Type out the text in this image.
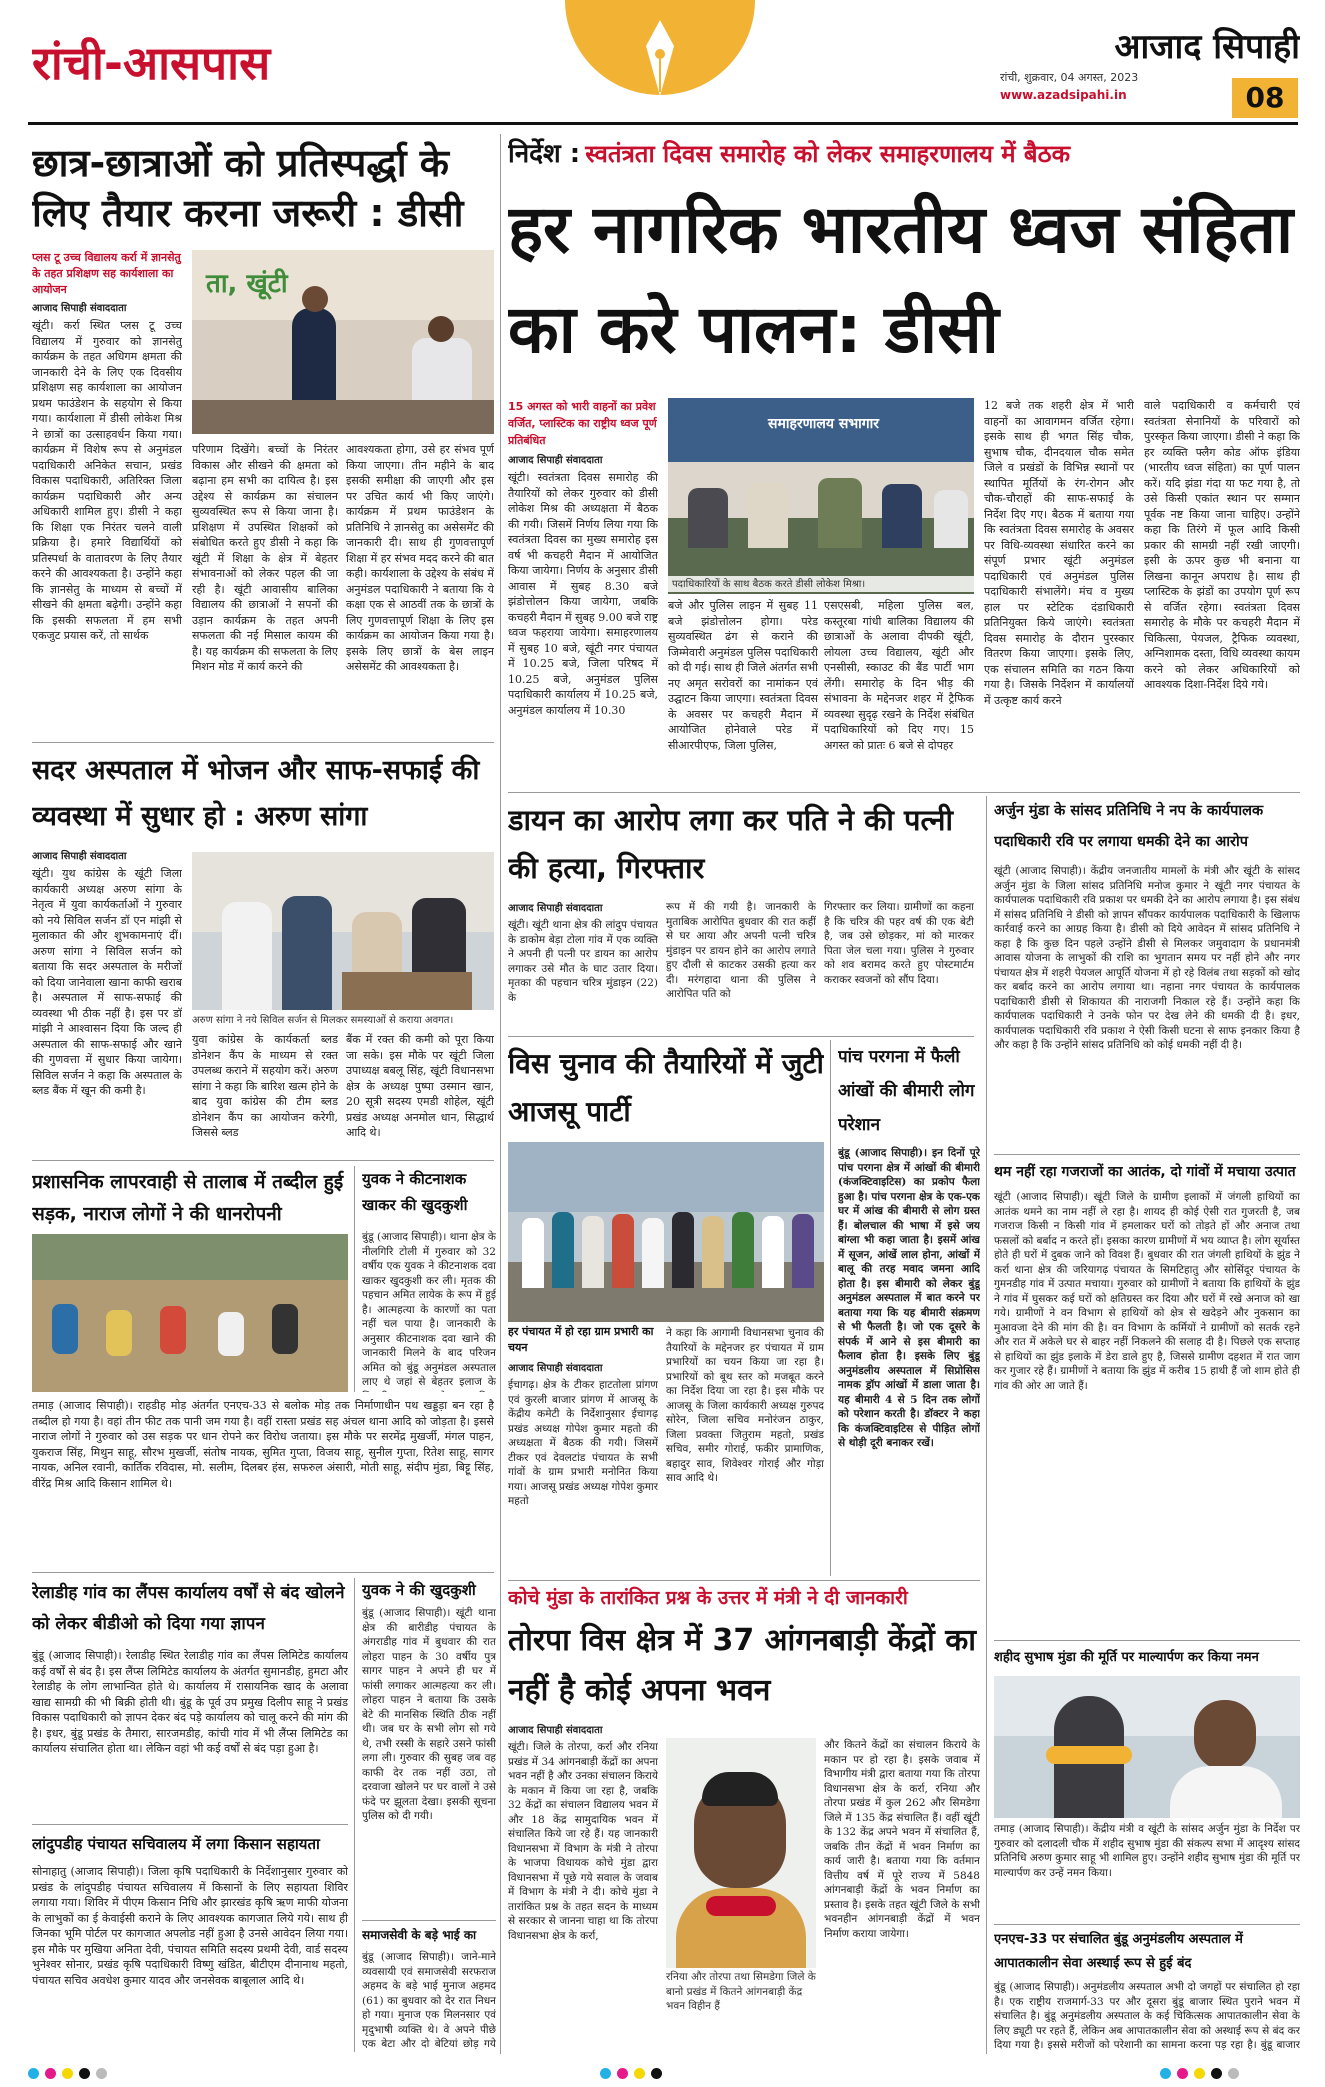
रांची-आसपास	आजाद सिपाही
रांची, शुक्रवार, 04 अगस्त, 2023
www.azadsipahi.in	08
छात्र-छात्राओं को प्रतिस्पर्द्धा के लिए तैयार करना जरूरी : डीसी
प्लस टू उच्च विद्यालय कर्रा में ज्ञानसेतु के तहत प्रशिक्षण सह कार्यशाला का आयोजन
आजाद सिपाही संवाददाता
खूंटी। कर्रा स्थित प्लस टू उच्च विद्यालय में गुरुवार को ज्ञानसेतु कार्यक्रम के तहत अधिगम क्षमता की जानकारी देने के लिए एक दिवसीय प्रशिक्षण सह कार्यशाला का आयोजन प्रथम फाउंडेशन के सहयोग से किया गया। कार्यशाला में डीसी लोकेश मिश्र ने छात्रों का उत्साहवर्धन किया गया। कार्यक्रम में विशेष रूप से अनुमंडल पदाधिकारी अनिकेत सचान, प्रखंड विकास पदाधिकारी, अतिरिक्त जिला कार्यक्रम पदाधिकारी और अन्य अधिकारी शामिल हुए। डीसी ने कहा कि शिक्षा एक निरंतर चलने वाली प्रक्रिया है। हमारे विद्यार्थियों को प्रतिस्पर्धा के वातावरण के लिए तैयार करने की आवश्यकता है। उन्होंने कहा कि ज्ञानसेतु के माध्यम से बच्चों में सीखने की क्षमता बढ़ेगी। उन्होंने कहा कि इसकी सफलता में हम सभी एकजुट प्रयास करें, तो सार्थक
ता, खूंटी
परिणाम दिखेंगे। बच्चों के निरंतर विकास और सीखने की क्षमता को बढ़ाना हम सभी का दायित्व है। इस उद्देश्य से कार्यक्रम का संचालन सुव्यवस्थित रूप से किया जाना है। प्रशिक्षण में उपस्थित शिक्षकों को संबोधित करते हुए डीसी ने कहा कि खूंटी में शिक्षा के क्षेत्र में बेहतर संभावनाओं को लेकर पहल की जा रही है। खूंटी आवासीय बालिका विद्यालय की छात्राओं ने सपनों की उड़ान कार्यक्रम के तहत अपनी सफलता की नई मिसाल कायम की है। यह कार्यक्रम की सफलता के लिए मिशन मोड में कार्य करने की
आवश्यकता होगा, उसे हर संभव पूर्ण किया जाएगा। तीन महीने के बाद इसकी समीक्षा की जाएगी और इस पर उचित कार्य भी किए जाएंगे। कार्यक्रम में प्रथम फाउंडेशन के प्रतिनिधि ने ज्ञानसेतु का असेसमेंट की जानकारी दी। साथ ही गुणवत्तापूर्ण शिक्षा में हर संभव मदद करने की बात कही। कार्यशाला के उद्देश्य के संबंध में अनुमंडल पदाधिकारी ने बताया कि ये कक्षा एक से आठवीं तक के छात्रों के लिए गुणवत्तापूर्ण शिक्षा के लिए इस कार्यक्रम का आयोजन किया गया है। इसके लिए छात्रों के बेस लाइन असेसमेंट की आवश्यकता है।
सदर अस्पताल में भोजन और साफ-सफाई की व्यवस्था में सुधार हो : अरुण सांगा
आजाद सिपाही संवाददाता
खूंटी। युथ कांग्रेस के खूंटी जिला कार्यकारी अध्यक्ष अरुण सांगा के नेतृत्व में युवा कार्यकर्ताओं ने गुरुवार को नये सिविल सर्जन डॉ एन मांझी से मुलाकात की और शुभकामनाएं दीं। अरुण सांगा ने सिविल सर्जन को बताया कि सदर अस्पताल के मरीजों को दिया जानेवाला खाना काफी खराब है। अस्पताल में साफ-सफाई की व्यवस्था भी ठीक नहीं है। इस पर डॉ मांझी ने आश्वासन दिया कि जल्द ही अस्पताल की साफ-सफाई और खाने की गुणवत्ता में सुधार किया जायेगा। सिविल सर्जन ने कहा कि अस्पताल के ब्लड बैंक में खून की कमी है।
अरुण सांगा ने नये सिविल सर्जन से मिलकर समस्याओं से कराया अवगत।
युवा कांग्रेस के कार्यकर्ता ब्लड डोनेशन कैंप के माध्यम से रक्त उपलब्ध कराने में सहयोग करें। अरुण सांगा ने कहा कि बारिश खत्म होने के बाद युवा कांग्रेस की टीम ब्लड डोनेशन कैंप का आयोजन करेगी, जिससे ब्लड
बैंक में रक्त की कमी को पूरा किया जा सके। इस मौके पर खूंटी जिला उपाध्यक्ष बबलू सिंह, खूंटी विधानसभा क्षेत्र के अध्यक्ष पुष्पा उस्मान खान, 20 सूत्री सदस्य एमडी शोहेल, खूंटी प्रखंड अध्यक्ष अनमोल धान, सिद्धार्थ आदि थे।
प्रशासनिक लापरवाही से तालाब में तब्दील हुई सड़क, नाराज लोगों ने की धानरोपनी
तमाड़ (आजाद सिपाही)। राहडीह मोड़ अंतर्गत एनएच-33 से बलोक मोड़ तक निर्माणाधीन पथ खड्डड़ा बन रहा है तब्दील हो गया है। वहां तीन फीट तक पानी जम गया है। वहीं रास्ता प्रखंड सह अंचल थाना आदि को जोड़ता है। इससे नाराज लोगों ने गुरुवार को उस सड़क पर धान रोपने कर विरोध जताया। इस मौके पर सरमेंद्र मुखर्जी, मंगल पाहन, युकराज सिंह, मिथुन साहू, सौरभ मुखर्जी, संतोष नायक, सुमित गुप्ता, विजय साहू, सुनील गुप्ता, रितेश साहू, सागर नायक, अनिल रवानी, कार्तिक रविदास, मो. सलीम, दिलबर हंस, सफरुल अंसारी, मोती साहू, संदीप मुंडा, बिट्टू सिंह, वीरेंद्र मिश्र आदि किसान शामिल थे।
युवक ने कीटनाशक खाकर की खुदकुशी
बुंडू (आजाद सिपाही)। थाना क्षेत्र के नीलगिरि टोली में गुरुवार को 32 वर्षीय एक युवक ने कीटनाशक दवा खाकर खुदकुशी कर ली। मृतक की पहचान अमित लायेक के रूप में हुई है। आत्महत्या के कारणों का पता नहीं चल पाया है। जानकारी के अनुसार कीटनाशक दवा खाने की जानकारी मिलने के बाद परिजन अमित को बुंडू अनुमंडल अस्पताल लाए थे जहां से बेहतर इलाज के
रेलाडीह गांव का लैंपस कार्यालय वर्षों से बंद खोलने को लेकर बीडीओ को दिया गया ज्ञापन
बुंडू (आजाद सिपाही)। रेलाडीह स्थित रेलाडीह गांव का लैंपस लिमिटेड कार्यालय कई वर्षों से बंद है। इस लैंप्स लिमिटेड कार्यालय के अंतर्गत सुमानडीह, हुमटा और रेलाडीह के लोग लाभान्वित होते थे। कार्यालय में रासायनिक खाद के अलावा खाद्य सामग्री की भी बिक्री होती थी। बुंडू के पूर्व उप प्रमुख दिलीप साहू ने प्रखंड विकास पदाधिकारी को ज्ञापन देकर बंद पड़े कार्यालय को चालू करने की मांग की है। इधर, बुंडू प्रखंड के तैमारा, सारजमडीह, कांची गांव में भी लैंप्स लिमिटेड का कार्यालय संचालित होता था। लेकिन वहां भी कई वर्षों से बंद पड़ा हुआ है।
लांदुपडीह पंचायत सचिवालय में लगा किसान सहायता
सोनाहातु (आजाद सिपाही)। जिला कृषि पदाधिकारी के निर्देशानुसार गुरुवार को प्रखंड के लांदुपडीह पंचायत सचिवालय में किसानों के लिए सहायता शिविर लगाया गया। शिविर में पीएम किसान निधि और झारखंड कृषि ऋण माफी योजना के लाभुकों का ई केवाईसी कराने के लिए आवश्यक कागजात लिये गये। साथ ही जिनका भूमि पोर्टल पर कागजात अपलोड नहीं हुआ है उनसे आवेदन लिया गया। इस मौके पर मुखिया अनिता देवी, पंचायत समिति सदस्य प्रथमी देवी, वार्ड सदस्य भुनेश्वर सोनार, प्रखंड कृषि पदाधिकारी विष्णु खंडित, बीटीएम दीनानाथ महतो, पंचायत सचिव अवधेश कुमार यादव और जनसेवक बाबूलाल आदि थे।
युवक ने की खुदकुशी
बुंडू (आजाद सिपाही)। खूंटी थाना क्षेत्र की बारीडीह पंचायत के अंगराडीह गांव में बुधवार की रात लोहरा पाहन के 30 वर्षीय पुत्र सागर पाहन ने अपने ही घर में फांसी लगाकर आत्महत्या कर ली। लोहरा पाहन ने बताया कि उसके बेटे की मानसिक स्थिति ठीक नहीं थी। जब घर के सभी लोग सो गये थे, तभी रस्सी के सहारे उसने फांसी लगा ली। गुरुवार की सुबह जब वह काफी देर तक नहीं उठा, तो दरवाजा खोलने पर घर वालों ने उसे फंदे पर झूलता देखा। इसकी सूचना पुलिस को दी गयी।
समाजसेवी के बड़े भाई का
बुंडू (आजाद सिपाही)। जाने-माने व्यवसायी एवं समाजसेवी सरफराज अहमद के बड़े भाई मुनाज अहमद (61) का बुधवार को देर रात निधन हो गया। मुनाज एक मिलनसार एवं मृदुभाषी व्यक्ति थे। वे अपने पीछे एक बेटा और दो बेटियां छोड़ गये
निर्देश : स्वतंत्रता दिवस समारोह को लेकर समाहरणालय में बैठक
हर नागरिक भारतीय ध्वज संहिता का करे पालन: डीसी
15 अगस्त को भारी वाहनों का प्रवेश वर्जित, प्लास्टिक का राष्ट्रीय ध्वज पूर्ण प्रतिबंधित
आजाद सिपाही संवाददाता
खूंटी। स्वतंत्रता दिवस समारोह की तैयारियों को लेकर गुरुवार को डीसी लोकेश मिश्र की अध्यक्षता में बैठक की गयी। जिसमें निर्णय लिया गया कि स्वतंत्रता दिवस का मुख्य समारोह इस वर्ष भी कचहरी मैदान में आयोजित किया जायेगा। निर्णय के अनुसार डीसी आवास में सुबह 8.30 बजे झंडोत्तोलन किया जायेगा, जबकि कचहरी मैदान में सुबह 9.00 बजे राष्ट्र ध्वज फहराया जायेगा। समाहरणालय में सुबह 10 बजे, खूंटी नगर पंचायत में 10.25 बजे, जिला परिषद में 10.25 बजे, अनुमंडल पुलिस पदाधिकारी कार्यालय में 10.25 बजे, अनुमंडल कार्यालय में 10.30
समाहरणालय सभागार
पदाधिकारियों के साथ बैठक करते डीसी लोकेश मिश्रा।
बजे और पुलिस लाइन में सुबह 11 बजे झंडोत्तोलन होगा। परेड सुव्यवस्थित ढंग से कराने की जिम्मेवारी अनुमंडल पुलिस पदाधिकारी को दी गई। साथ ही जिले अंतर्गत सभी नए अमृत सरोवरों का नामांकन एवं उद्घाटन किया जाएगा। स्वतंत्रता दिवस के अवसर पर कचहरी मैदान में आयोजित होनेवाले परेड में सीआरपीएफ, जिला पुलिस,
एसएसबी, महिला पुलिस बल, कस्तूरबा गांधी बालिका विद्यालय की छात्राओं के अलावा दीपकी खूंटी, लोयला उच्च विद्यालय, खूंटी और एनसीसी, स्काउट की बैंड पार्टी भाग लेंगी। समारोह के दिन भीड़ की संभावना के मद्देनजर शहर में ट्रैफिक व्यवस्था सुदृढ़ रखने के निर्देश संबंधित पदाधिकारियों को दिए गए। 15 अगस्त को प्रातः 6 बजे से दोपहर
12 बजे तक शहरी क्षेत्र में भारी वाहनों का आवागमन वर्जित रहेगा। इसके साथ ही भगत सिंह चौक, सुभाष चौक, दीनदयाल चौक समेत जिले व प्रखंडों के विभिन्न स्थानों पर स्थापित मूर्तियों के रंग-रोगन और चौक-चौराहों की साफ-सफाई के निर्देश दिए गए। बैठक में बताया गया कि स्वतंत्रता दिवस समारोह के अवसर पर विधि-व्यवस्था संधारित करने का संपूर्ण प्रभार खूंटी अनुमंडल पदाधिकारी एवं अनुमंडल पुलिस पदाधिकारी संभालेंगे। मंच व मुख्य हाल पर स्टेटिक दंडाधिकारी प्रतिनियुक्त किये जाएंगे। स्वतंत्रता दिवस समारोह के दौरान पुरस्कार वितरण किया जाएगा। इसके लिए, एक संचालन समिति का गठन किया गया है। जिसके निर्देशन में कार्यालयों में उत्कृष्ट कार्य करने
वाले पदाधिकारी व कर्मचारी एवं स्वतंत्रता सेनानियों के परिवारों को पुरस्कृत किया जाएगा। डीसी ने कहा कि हर व्यक्ति फ्लैग कोड ऑफ इंडिया (भारतीय ध्वज संहिता) का पूर्ण पालन करें। यदि झंडा गंदा या फट गया है, तो उसे किसी एकांत स्थान पर सम्मान पूर्वक नष्ट किया जाना चाहिए। उन्होंने कहा कि तिरंगे में फूल आदि किसी प्रकार की सामग्री नहीं रखी जाएगी। इसी के ऊपर कुछ भी बनाना या लिखना कानून अपराध है। साथ ही प्लास्टिक के झंडों का उपयोग पूर्ण रूप से वर्जित रहेगा। स्वतंत्रता दिवस समारोह के मौके पर कचहरी मैदान में चिकित्सा, पेयजल, ट्रैफिक व्यवस्था, अग्निशामक दस्ता, विधि व्यवस्था कायम करने को लेकर अधिकारियों को आवश्यक दिशा-निर्देश दिये गये।
डायन का आरोप लगा कर पति ने की पत्नी की हत्या, गिरफ्तार
आजाद सिपाही संवाददाता
खूंटी। खूंटी थाना क्षेत्र की लांदुप पंचायत के डाकोम बेड़ा टोला गांव में एक व्यक्ति ने अपनी ही पत्नी पर डायन का आरोप लगाकर उसे मौत के घाट उतार दिया। मृतका की पहचान चरित्र मुंडाइन (22) के
रूप में की गयी है। जानकारी के मुताबिक आरोपित बुधवार की रात कहीं से घर आया और अपनी पत्नी चरित्र मुंडाइन पर डायन होने का आरोप लगाते हुए दौली से काटकर उसकी हत्या कर दी। मरंगहादा थाना की पुलिस ने आरोपित पति को
गिरफ्तार कर लिया। ग्रामीणों का कहना है कि चरित्र की पहर वर्ष की एक बेटी है, जब उसे छोड़कर, मां को मारकर पिता जेल चला गया। पुलिस ने गुरुवार को शव बरामद करते हुए पोस्टमार्टम कराकर स्वजनों को सौंप दिया।
विस चुनाव की तैयारियों में जुटी आजसू पार्टी
हर पंचायत में हो रहा ग्राम प्रभारी का चयन
आजाद सिपाही संवाददाता
ईचागढ़। क्षेत्र के टीकर हाटतोला प्रांगण एवं कुरली बाजार प्रांगण में आजसू के केंद्रीय कमेटी के निर्देशानुसार ईचागढ़ प्रखंड अध्यक्ष गोपेश कुमार महतो की अध्यक्षता में बैठक की गयी। जिसमें टीकर एवं देवलटांड पंचायत के सभी गांवों के ग्राम प्रभारी मनोनित किया गया। आजसू प्रखंड अध्यक्ष गोपेश कुमार महतो
ने कहा कि आगामी विधानसभा चुनाव की तैयारियों के मद्देनजर हर पंचायत में ग्राम प्रभारियों का चयन किया जा रहा है। प्रभारियों को बूथ स्तर को मजबूत करने का निर्देश दिया जा रहा है। इस मौके पर आजसू के जिला कार्यकारी अध्यक्ष गुरुपद सोरेन, जिला सचिव मनोरंजन ठाकुर, जिला प्रवक्ता जितुराम महतो, प्रखंड सचिव, समीर गोराई, फकीर प्रामाणिक, बहादुर साव, शिवेश्वर गोराई और गोड़ा साव आदि थे।
पांच परगना में फैली आंखों की बीमारी लोग परेशान
बुंडू (आजाद सिपाही)। इन दिनों पूरे पांच परगना क्षेत्र में आंखों की बीमारी (कंजक्टिवाइटिस) का प्रकोप फैला हुआ है। पांच परगना क्षेत्र के एक-एक घर में आंख की बीमारी से लोग ग्रस्त हैं। बोलचाल की भाषा में इसे जय बांग्ला भी कहा जाता है। इसमें आंख में सूजन, आंखें लाल होना, आंखों में बालू की तरह मवाद जमना आदि होता है। इस बीमारी को लेकर बुंडू अनुमंडल अस्पताल में बात करने पर बताया गया कि यह बीमारी संक्रमण से भी फैलती है। जो एक दूसरे के संपर्क में आने से इस बीमारी का फैलाव होता है। इसके लिए बुंडू अनुमंडलीय अस्पताल में सिप्रोसिस नामक ड्रॉप आंखों में डाला जाता है। यह बीमारी 4 से 5 दिन तक लोगों को परेशान करती है। डॉक्टर ने कहा कि कंजक्टिवाइटिस से पीड़ित लोगों से थोड़ी दूरी बनाकर रखें।
कोचे मुंडा के तारांकित प्रश्न के उत्तर में मंत्री ने दी जानकारी
तोरपा विस क्षेत्र में 37 आंगनबाड़ी केंद्रों का नहीं है कोई अपना भवन
आजाद सिपाही संवाददाता
खूंटी। जिले के तोरपा, कर्रा और रनिया प्रखंड में 34 आंगनबाड़ी केंद्रों का अपना भवन नहीं है और उनका संचालन किराये के मकान में किया जा रहा है, जबकि 32 केंद्रों का संचालन विद्यालय भवन में और 18 केंद्र सामुदायिक भवन में संचालित किये जा रहे हैं। यह जानकारी विधानसभा में विभाग के मंत्री ने तोरपा के भाजपा विधायक कोचे मुंडा द्वारा विधानसभा में पूछे गये सवाल के जवाब में विभाग के मंत्री ने दी। कोचे मुंडा ने तारांकित प्रश्न के तहत सदन के माध्यम से सरकार से जानना चाहा था कि तोरपा विधानसभा क्षेत्र के कर्रा,
रनिया और तोरपा तथा सिमडेगा जिले के बानो प्रखंड में कितने आंगनबाड़ी केंद्र भवन विहीन हैं
और कितने केंद्रों का संचालन किराये के मकान पर हो रहा है। इसके जवाब में विभागीय मंत्री द्वारा बताया गया कि तोरपा विधानसभा क्षेत्र के कर्रा, रनिया और तोरपा प्रखंड में कुल 262 और सिमडेगा जिले में 135 केंद्र संचालित हैं। वहीं खूंटी के 132 केंद्र अपने भवन में संचालित हैं, जबकि तीन केंद्रों में भवन निर्माण का कार्य जारी है। बताया गया कि वर्तमान वित्तीय वर्ष में पूरे राज्य में 5848 आंगनबाड़ी केंद्रों के भवन निर्माण का प्रस्ताव है। इसके तहत खूंटी जिले के सभी भवनहीन आंगनबाड़ी केंद्रों में भवन निर्माण कराया जायेगा।
अर्जुन मुंडा के सांसद प्रतिनिधि ने नप के कार्यपालक पदाधिकारी रवि पर लगाया धमकी देने का आरोप
खूंटी (आजाद सिपाही)। केंद्रीय जनजातीय मामलों के मंत्री और खूंटी के सांसद अर्जुन मुंडा के जिला सांसद प्रतिनिधि मनोज कुमार ने खूंटी नगर पंचायत के कार्यपालक पदाधिकारी रवि प्रकाश पर धमकी देने का आरोप लगाया है। इस संबंध में सांसद प्रतिनिधि ने डीसी को ज्ञापन सौंपकर कार्यपालक पदाधिकारी के खिलाफ कार्रवाई करने का आग्रह किया है। डीसी को दिये आवेदन में सांसद प्रतिनिधि ने कहा है कि कुछ दिन पहले उन्होंने डीसी से मिलकर जमुवादाग के प्रधानमंत्री आवास योजना के लाभुकों की राशि का भुगतान समय पर नहीं होने और नगर पंचायत क्षेत्र में शहरी पेयजल आपूर्ति योजना में हो रहे विलंब तथा सड़कों को खोद कर बर्बाद करने का आरोप लगाया था। नहाना नगर पंचायत के कार्यपालक पदाधिकारी डीसी से शिकायत की नाराजगी निकाल रहे हैं। उन्होंने कहा कि कार्यपालक पदाधिकारी ने उनके फोन पर देख लेने की धमकी दी है। इधर, कार्यपालक पदाधिकारी रवि प्रकाश ने ऐसी किसी घटना से साफ इनकार किया है और कहा है कि उन्होंने सांसद प्रतिनिधि को कोई धमकी नहीं दी है।
थम नहीं रहा गजराजों का आतंक, दो गांवों में मचाया उत्पात
खूंटी (आजाद सिपाही)। खूंटी जिले के ग्रामीण इलाकों में जंगली हाथियों का आतंक थमने का नाम नहीं ले रहा है। शायद ही कोई ऐसी रात गुजरती है, जब गजराज किसी न किसी गांव में हमलाकर घरों को तोड़ते हों और अनाज तथा फसलों को बर्बाद न करते हों। इसका कारण ग्रामीणों में भय व्याप्त है। लोग सूर्यास्त होते ही घरों में दुबक जाने को विवश हैं। बुधवार की रात जंगली हाथियों के झुंड ने कर्रा थाना क्षेत्र की जरियागढ़ पंचायत के सिमटिहातु और सोसिंदूर पंचायत के गुमनडीह गांव में उत्पात मचाया। गुरुवार को ग्रामीणों ने बताया कि हाथियों के झुंड ने गांव में घुसकर कई घरों को क्षतिग्रस्त कर दिया और घरों में रखे अनाज को खा गये। ग्रामीणों ने वन विभाग से हाथियों को क्षेत्र से खदेड़ने और नुकसान का मुआवजा देने की मांग की है। वन विभाग के कर्मियों ने ग्रामीणों को सतर्क रहने और रात में अकेले घर से बाहर नहीं निकलने की सलाह दी है। पिछले एक सप्ताह से हाथियों का झुंड इलाके में डेरा डाले हुए है, जिससे ग्रामीण दहशत में रात जाग कर गुजार रहे हैं। ग्रामीणों ने बताया कि झुंड में करीब 15 हाथी हैं जो शाम होते ही गांव की ओर आ जाते हैं।
शहीद सुभाष मुंडा की मूर्ति पर माल्यार्पण कर किया नमन
तमाड़ (आजाद सिपाही)। केंद्रीय मंत्री व खूंटी के सांसद अर्जुन मुंडा के निर्देश पर गुरुवार को दलादली चौक में शहीद सुभाष मुंडा की संकल्प सभा में आदृश्य सांसद प्रतिनिधि अरुण कुमार साहू भी शामिल हुए। उन्होंने शहीद सुभाष मुंडा की मूर्ति पर माल्यार्पण कर उन्हें नमन किया।
एनएच-33 पर संचालित बुंडू अनुमंडलीय अस्पताल में आपातकालीन सेवा अस्थाई रूप से हुई बंद
बुंडू (आजाद सिपाही)। अनुमंडलीय अस्पताल अभी दो जगहों पर संचालित हो रहा है। एक राष्ट्रीय राजमार्ग-33 पर और दूसरा बुंडू बाजार स्थित पुराने भवन में संचालित है। बुंडू अनुमंडलीय अस्पताल के कई चिकित्सक आपातकालीन सेवा के लिए ड्यूटी पर रहते हैं, लेकिन अब आपातकालीन सेवा को अस्थाई रूप से बंद कर दिया गया है। इससे मरीजों को परेशानी का सामना करना पड़ रहा है। बुंडू बाजार
